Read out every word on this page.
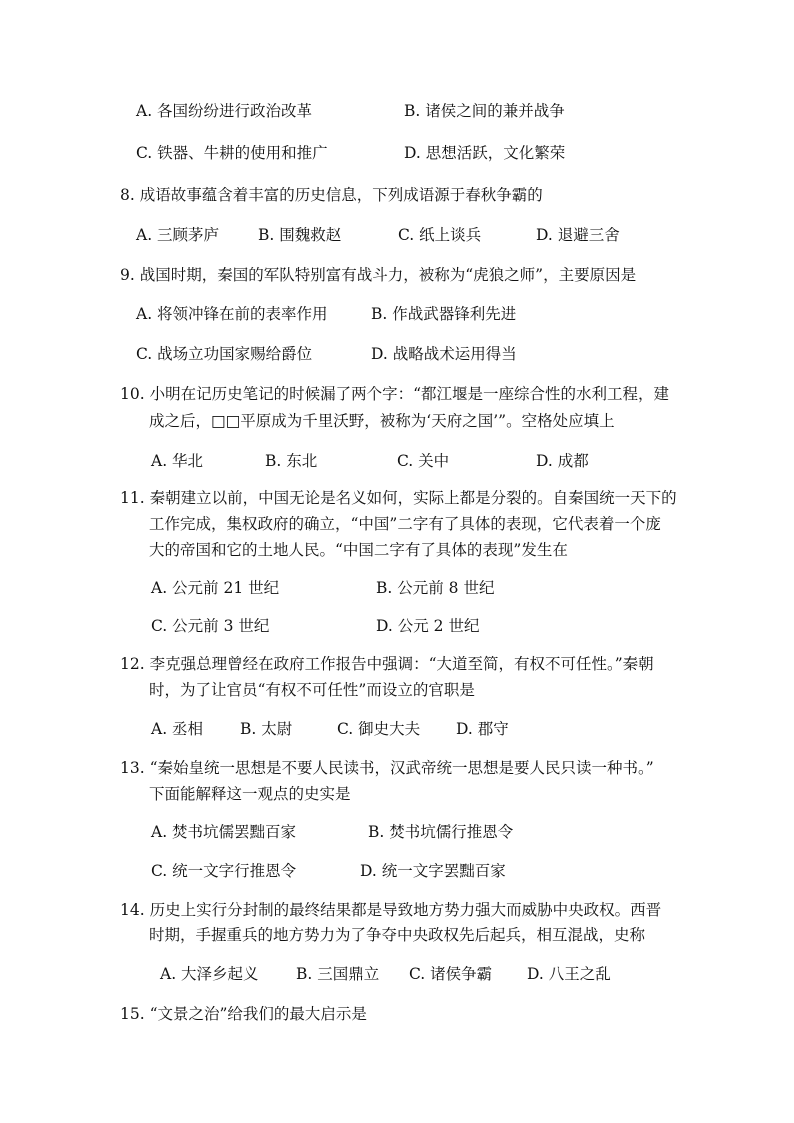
A. 各国纷纷进行政治改革	B. 诸侯之间的兼并战争
C. 铁器、牛耕的使用和推广	D. 思想活跃，文化繁荣
8. 成语故事蕴含着丰富的历史信息，下列成语源于春秋争霸的
A. 三顾茅庐	B. 围魏救赵	C. 纸上谈兵	D. 退避三舍
9. 战国时期，秦国的军队特别富有战斗力，被称为“虎狼之师”，主要原因是
A. 将领冲锋在前的表率作用	B. 作战武器锋利先进
C. 战场立功国家赐给爵位	D. 战略战术运用得当
10. 小明在记历史笔记的时候漏了两个字：“都江堰是一座综合性的水利工程，建
成之后，□□平原成为千里沃野，被称为‘天府之国’”。空格处应填上
A. 华北	B. 东北	C. 关中	D. 成都
11. 秦朝建立以前，中国无论是名义如何，实际上都是分裂的。自秦国统一天下的
工作完成，集权政府的确立，“中国”二字有了具体的表现，它代表着一个庞
大的帝国和它的土地人民。“中国二字有了具体的表现”发生在
A. 公元前 21 世纪	B. 公元前 8 世纪
C. 公元前 3 世纪	D. 公元 2 世纪
12. 李克强总理曾经在政府工作报告中强调：“大道至简，有权不可任性。”秦朝
时，为了让官员“有权不可任性”而设立的官职是
A. 丞相 B. 太尉	C. 御史大夫 D. 郡守
13. “秦始皇统一思想是不要人民读书，汉武帝统一思想是要人民只读一种书。”
下面能解释这一观点的史实是
A. 焚书坑儒罢黜百家	B. 焚书坑儒行推恩令
C. 统一文字行推恩令	D. 统一文字罢黜百家
14. 历史上实行分封制的最终结果都是导致地方势力强大而威胁中央政权。西晋
时期，手握重兵的地方势力为了争夺中央政权先后起兵，相互混战，史称
A. 大泽乡起义 B. 三国鼎立 C. 诸侯争霸 D. 八王之乱
15. “文景之治”给我们的最大启示是
